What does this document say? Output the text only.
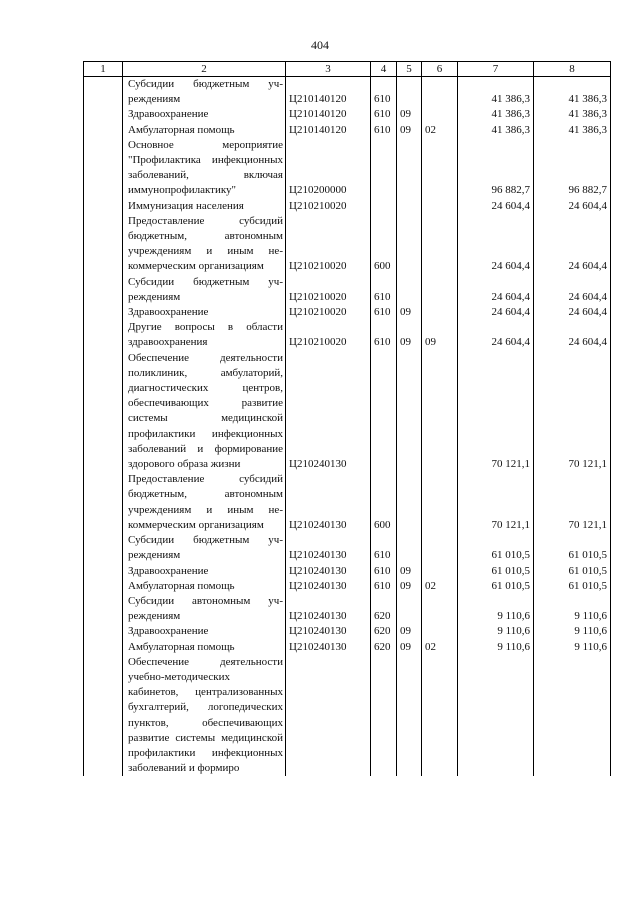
404
1	2	3	4	5	6	7	8
	Субсидии бюджетным учреждениям	Ц210140120	610			41 386,3	41 386,3
	Здравоохранение	Ц210140120	610	09		41 386,3	41 386,3
	Амбулаторная помощь	Ц210140120	610	09	02	41 386,3	41 386,3
	Основное мероприятие "Профилактика инфекционных заболеваний, включая иммунопрофилактику"	Ц210200000				96 882,7	96 882,7
	Иммунизация населения	Ц210210020				24 604,4	24 604,4
	Предоставление субсидий бюджетным, автономным учреждениям и иным некоммерческим организациям	Ц210210020	600			24 604,4	24 604,4
	Субсидии бюджетным учреждениям	Ц210210020	610			24 604,4	24 604,4
	Здравоохранение	Ц210210020	610	09		24 604,4	24 604,4
	Другие вопросы в области здравоохранения	Ц210210020	610	09	09	24 604,4	24 604,4
	Обеспечение деятельности поликлиник, амбулаторий, диагностических центров, обеспечивающих развитие системы медицинской профилактики инфекционных заболеваний и формирование здорового образа жизни	Ц210240130				70 121,1	70 121,1
	Предоставление субсидий бюджетным, автономным учреждениям и иным некоммерческим организациям	Ц210240130	600			70 121,1	70 121,1
	Субсидии бюджетным учреждениям	Ц210240130	610			61 010,5	61 010,5
	Здравоохранение	Ц210240130	610	09		61 010,5	61 010,5
	Амбулаторная помощь	Ц210240130	610	09	02	61 010,5	61 010,5
	Субсидии автономным учреждениям	Ц210240130	620			9 110,6	9 110,6
	Здравоохранение	Ц210240130	620	09		9 110,6	9 110,6
	Амбулаторная помощь	Ц210240130	620	09	02	9 110,6	9 110,6
	Обеспечение деятельности учебно-методических кабинетов, централизованных бухгалтерий, логопедических пунктов, обеспечивающих развитие системы медицинской профилактики инфекционных заболеваний и формиро						
